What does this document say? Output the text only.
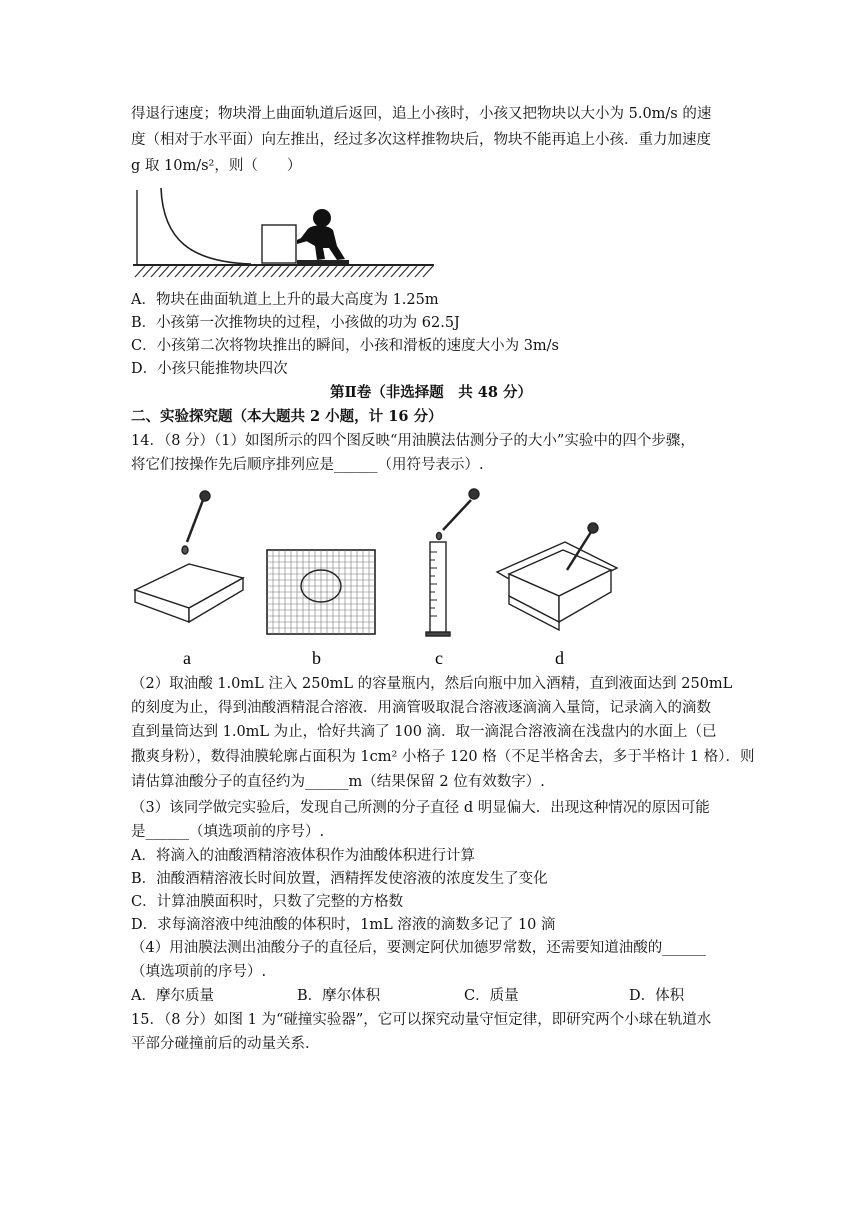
得退行速度；物块滑上曲面轨道后返回，追上小孩时，小孩又把物块以大小为 5.0m/s 的速
度（相对于水平面）向左推出，经过多次这样推物块后，物块不能再追上小孩．重力加速度
g 取 10m/s²，则（　　）
A．物块在曲面轨道上上升的最大高度为 1.25m
B．小孩第一次推物块的过程，小孩做的功为 62.5J
C．小孩第二次将物块推出的瞬间，小孩和滑板的速度大小为 3m/s
D．小孩只能推物块四次
第Ⅱ卷（非选择题　共 48 分）
二、实验探究题（本大题共 2 小题，计 16 分）
14．（8 分）（1）如图所示的四个图反映“用油膜法估测分子的大小”实验中的四个步骤，
将它们按操作先后顺序排列应是______（用符号表示）.
a	b	c	d
（2）取油酸 1.0mL 注入 250mL 的容量瓶内，然后向瓶中加入酒精，直到液面达到 250mL
的刻度为止，得到油酸酒精混合溶液．用滴管吸取混合溶液逐滴滴入量筒，记录滴入的滴数
直到量筒达到 1.0mL 为止，恰好共滴了 100 滴．取一滴混合溶液滴在浅盘内的水面上（已
撒爽身粉），数得油膜轮廓占面积为 1cm² 小格子 120 格（不足半格舍去，多于半格计 1 格）．则
请估算油酸分子的直径约为______m（结果保留 2 位有效数字）.
（3）该同学做完实验后，发现自己所测的分子直径 d 明显偏大．出现这种情况的原因可能
是______（填选项前的序号）.
A．将滴入的油酸酒精溶液体积作为油酸体积进行计算
B．油酸酒精溶液长时间放置，酒精挥发使溶液的浓度发生了变化
C．计算油膜面积时，只数了完整的方格数
D．求每滴溶液中纯油酸的体积时，1mL 溶液的滴数多记了 10 滴
（4）用油膜法测出油酸分子的直径后，要测定阿伏加德罗常数，还需要知道油酸的______
（填选项前的序号）.
A．摩尔质量	B．摩尔体积	C．质量	D．体积
15．（8 分）如图 1 为“碰撞实验器”，它可以探究动量守恒定律，即研究两个小球在轨道水
平部分碰撞前后的动量关系．
